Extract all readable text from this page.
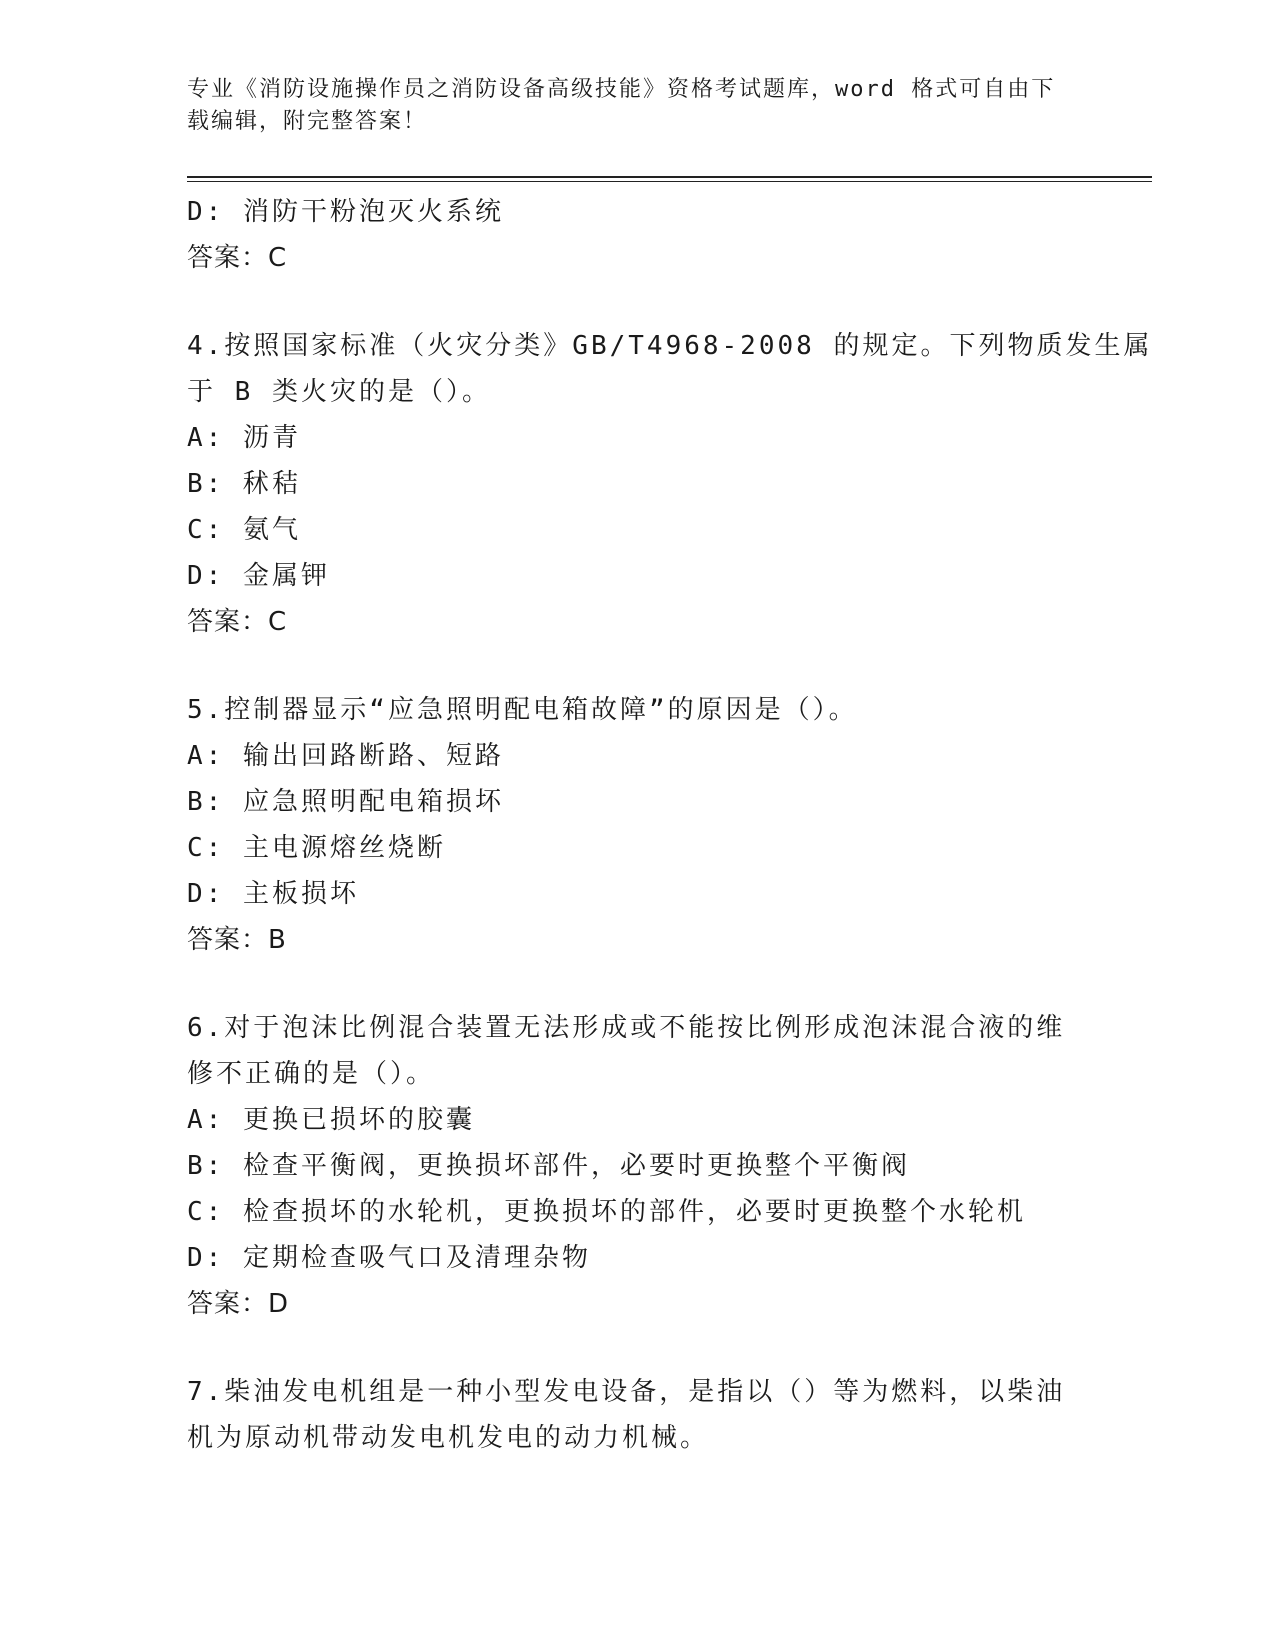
专业《消防设施操作员之消防设备高级技能》资格考试题库，word 格式可自由下
载编辑，附完整答案！
D: 消防干粉泡灭火系统
答案：C
4.按照国家标准（火灾分类》GB/T4968-2008 的规定。下列物质发生属
于 B 类火灾的是（）。
A: 沥青
B: 秫秸
C: 氨气
D: 金属钾
答案：C
5.控制器显示“应急照明配电箱故障”的原因是（）。
A: 输出回路断路、短路
B: 应急照明配电箱损坏
C: 主电源熔丝烧断
D: 主板损坏
答案：B
6.对于泡沫比例混合装置无法形成或不能按比例形成泡沫混合液的维
修不正确的是（）。
A: 更换已损坏的胶囊
B: 检查平衡阀，更换损坏部件，必要时更换整个平衡阀
C: 检查损坏的水轮机，更换损坏的部件，必要时更换整个水轮机
D: 定期检查吸气口及清理杂物
答案：D
7.柴油发电机组是一种小型发电设备，是指以（）等为燃料，以柴油
机为原动机带动发电机发电的动力机械。
